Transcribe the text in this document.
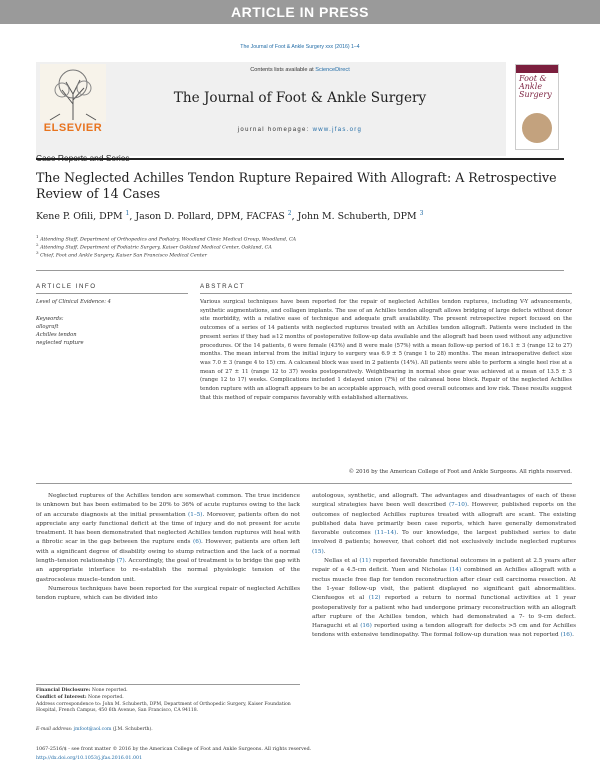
ARTICLE IN PRESS
The Journal of Foot & Ankle Surgery xxx (2016) 1–4
ELSEVIER
Contents lists available at ScienceDirect
The Journal of Foot & Ankle Surgery
journal homepage: www.jfas.org
Foot & Ankle Surgery
The Neglected Achilles Tendon Rupture Repaired With Allograft: A Retrospective Review of 14 Cases
Kene P. Ofili, DPM $^1$, Jason D. Pollard, DPM, FACFAS $^2$, John M. Schuberth, DPM $^3$
$^1$ Attending Staff, Department of Orthopedics and Podiatry, Woodland Clinic Medical Group, Woodland, CA
$^2$ Attending Staff, Department of Podiatric Surgery, Kaiser Oakland Medical Center, Oakland, CA
$^3$ Chief, Foot and Ankle Surgery, Kaiser San Francisco Medical Center
ARTICLE INFO
Level of Clinical Evidence: 4
Keywords:
allograft
Achilles tendon
neglected rupture
ABSTRACT
Various surgical techniques have been reported for the repair of neglected Achilles tendon ruptures, including V-Y advancements, synthetic augmentations, and collagen implants. The use of an Achilles tendon allograft allows bridging of large defects without donor site morbidity, with a relative ease of technique and adequate graft availability. The present retrospective report focused on the outcomes of a series of 14 patients with neglected ruptures treated with an Achilles tendon allograft. Patients were included in the present series if they had ≥12 months of postoperative follow-up data available and the allograft had been used without any adjunctive procedures. Of the 14 patients, 6 were female (43%) and 8 were male (57%) with a mean follow-up period of 16.1 ± 3 (range 12 to 27) months. The mean interval from the initial injury to surgery was 6.9 ± 5 (range 1 to 28) months. The mean intraoperative defect size was 7.0 ± 3 (range 4 to 15) cm. A calcaneal block was used in 2 patients (14%). All patients were able to perform a single heel rise at a mean of 27 ± 11 (range 12 to 37) weeks postoperatively. Weightbearing in normal shoe gear was achieved at a mean of 13.5 ± 3 (range 12 to 17) weeks. Complications included 1 delayed union (7%) of the calcaneal bone block. Repair of the neglected Achilles tendon rupture with an allograft appears to be an acceptable approach, with good overall outcomes and low risk. These results suggest that this method of repair compares favorably with established alternatives.
© 2016 by the American College of Foot and Ankle Surgeons. All rights reserved.
Neglected ruptures of the Achilles tendon are somewhat common. The true incidence is unknown but has been estimated to be 20% to 36% of acute ruptures owing to the lack of an accurate diagnosis at the initial presentation (1–5). Moreover, patients often do not appreciate any early functional deficit at the time of injury and do not present for acute treatment. It has been demonstrated that neglected Achilles tendon ruptures will heal with a fibrotic scar in the gap between the rupture ends (6). However, patients are often left with a significant degree of disability owing to stump retraction and the lack of a normal length–tension relationship (7). Accordingly, the goal of treatment is to bridge the gap with an appropriate interface to re-establish the normal physiologic tension of the gastrocsoleus muscle–tendon unit.
Numerous techniques have been reported for the surgical repair of neglected Achilles tendon rupture, which can be divided into
Financial Disclosure: None reported.
Conflict of Interest: None reported.
Address correspondence to: John M. Schuberth, DPM, Department of Orthopedic Surgery, Kaiser Foundation Hospital, French Campus, 450 6th Avenue, San Francisco, CA 94118.
E-mail address: jmfoot@aol.com (J.M. Schuberth).
autologous, synthetic, and allograft. The advantages and disadvantages of each of these surgical strategies have been well described (7–10). However, published reports on the outcomes of neglected Achilles ruptures treated with allograft are scant. The existing published data have primarily been case reports, which have generally demonstrated favorable outcomes (11–14). To our knowledge, the largest published series to date involved 8 patients; however, that cohort did not exclusively include neglected ruptures (15).
Nellas et al (11) reported favorable functional outcomes in a patient at 2.5 years after repair of a 4.5-cm deficit. Yuen and Nicholas (14) combined an Achilles allograft with a rectus muscle free flap for tendon reconstruction after clear cell carcinoma resection. At the 1-year follow-up visit, the patient displayed no significant gait abnormalities. Cienfuegos et al (12) reported a return to normal functional activities at 1 year postoperatively for a patient who had undergone primary reconstruction with an allograft after rupture of the Achilles tendon, which had demonstrated a 7- to 9-cm defect. Haraguchi et al (16) reported using a tendon allograft for defects >5 cm and for Achilles tendons with extensive tendinopathy. The formal follow-up duration was not reported (16).
1067-2516/$ - see front matter © 2016 by the American College of Foot and Ankle Surgeons. All rights reserved.
http://dx.doi.org/10.1053/j.jfas.2016.01.001
